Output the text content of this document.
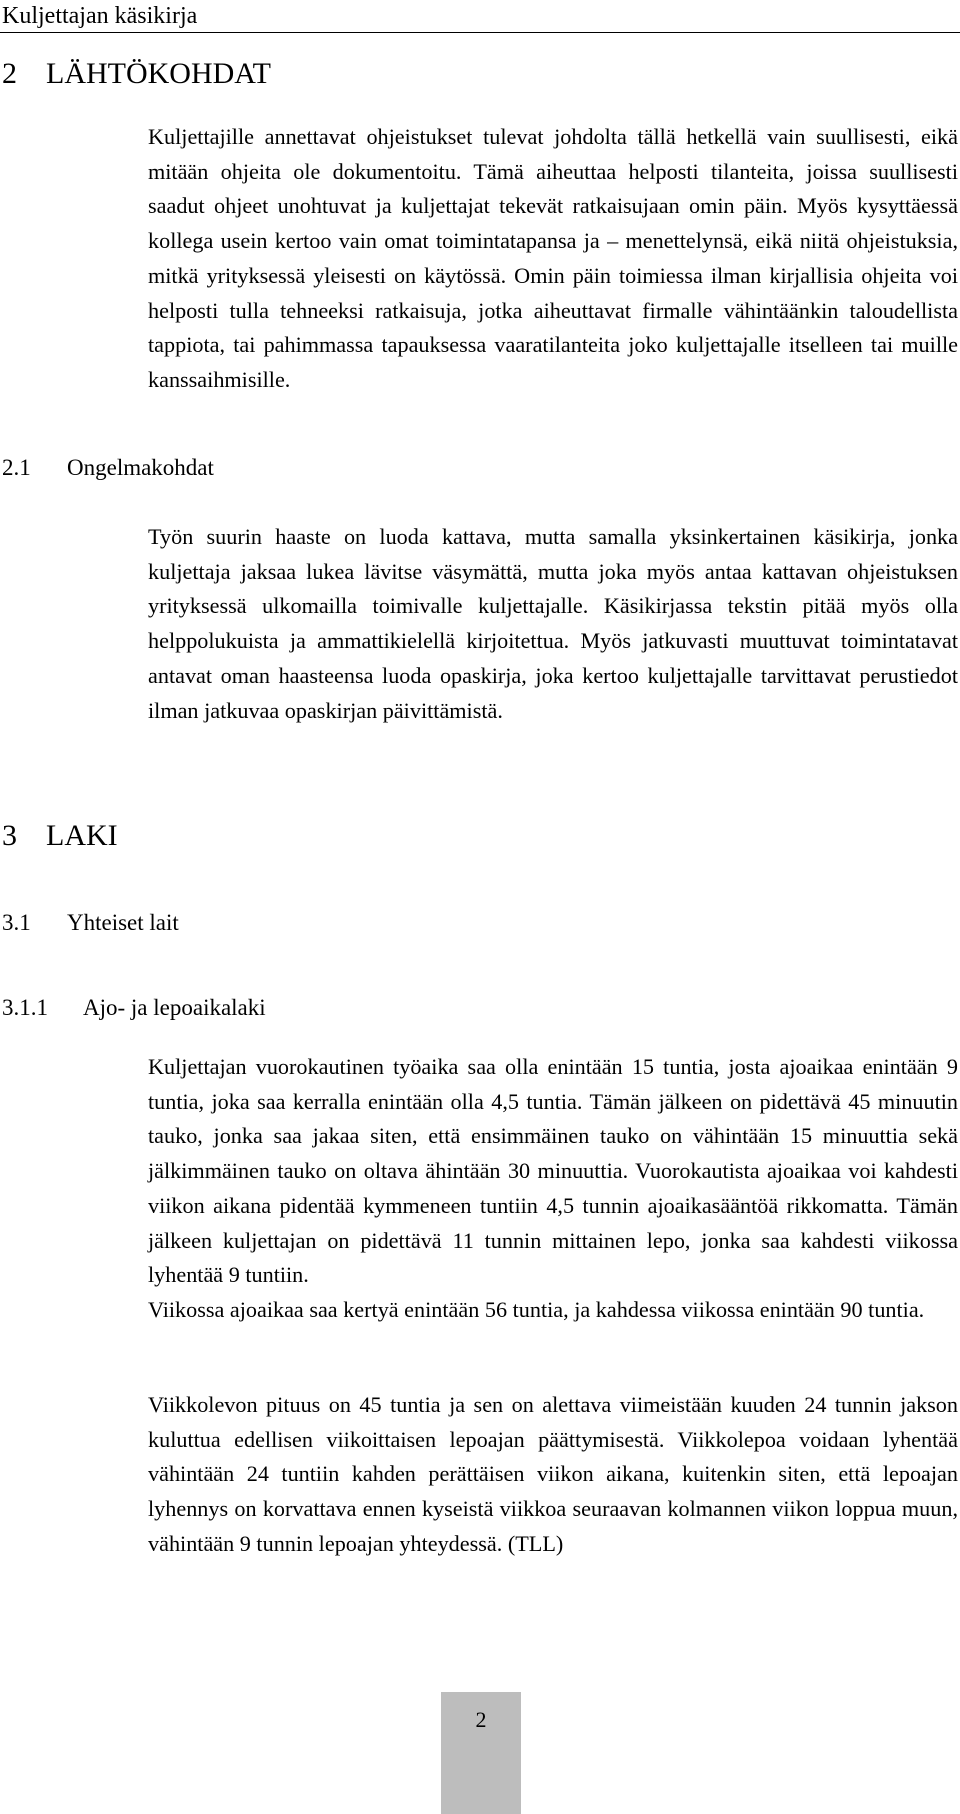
Kuljettajan käsikirja
2 LÄHTÖKOHDAT
Kuljettajille annettavat ohjeistukset tulevat johdolta tällä hetkellä vain suullisesti, eikä mitään ohjeita ole dokumentoitu. Tämä aiheuttaa helposti tilanteita, joissa suullisesti saadut ohjeet unohtuvat ja kuljettajat tekevät ratkaisujaan omin päin. Myös kysyttäessä kollega usein kertoo vain omat toimintatapansa ja – menettelynsä, eikä niitä ohjeistuksia, mitkä yrityksessä yleisesti on käytössä. Omin päin toimiessa ilman kirjallisia ohjeita voi helposti tulla tehneeksi ratkaisuja, jotka aiheuttavat firmalle vähintäänkin taloudellista tappiota, tai pahimmassa tapauksessa vaaratilanteita joko kuljettajalle itselleen tai muille kanssaihmisille.
2.1 Ongelmakohdat
Työn suurin haaste on luoda kattava, mutta samalla yksinkertainen käsikirja, jonka kuljettaja jaksaa lukea lävitse väsymättä, mutta joka myös antaa kattavan ohjeistuksen yrityksessä ulkomailla toimivalle kuljettajalle. Käsikirjassa tekstin pitää myös olla helppolukuista ja ammattikielellä kirjoitettua. Myös jatkuvasti muuttuvat toimintatavat antavat oman haasteensa luoda opaskirja, joka kertoo kuljettajalle tarvittavat perustiedot ilman jatkuvaa opaskirjan päivittämistä.
3 LAKI
3.1 Yhteiset lait
3.1.1 Ajo- ja lepoaikalaki

Kuljettajan vuorokautinen työaika saa olla enintään 15 tuntia, josta ajoaikaa enintään 9 tuntia, joka saa kerralla enintään olla 4,5 tuntia. Tämän jälkeen on pidettävä 45 minuutin tauko, jonka saa jakaa siten, että ensimmäinen tauko on vähintään 15 minuuttia sekä jälkimmäinen tauko on oltava ähintään 30 minuuttia. Vuorokautista ajoaikaa voi kahdesti viikon aikana pidentää kymmeneen tuntiin 4,5 tunnin ajoaikasääntöä rikkomatta. Tämän jälkeen kuljettajan on pidettävä 11 tunnin mittainen lepo, jonka saa kahdesti viikossa lyhentää 9 tuntiin.

Viikossa ajoaikaa saa kertyä enintään 56 tuntia, ja kahdessa viikossa enintään 90 tuntia.

Viikkolevon pituus on 45 tuntia ja sen on alettava viimeistään kuuden 24 tunnin jakson kuluttua edellisen viikoittaisen lepoajan päättymisestä. Viikkolepoa voidaan lyhentää vähintään 24 tuntiin kahden perättäisen viikon aikana, kuitenkin siten, että lepoajan lyhennys on korvattava ennen kyseistä viikkoa seuraavan kolmannen viikon loppua muun, vähintään 9 tunnin lepoajan yhteydessä. (TLL)
2
